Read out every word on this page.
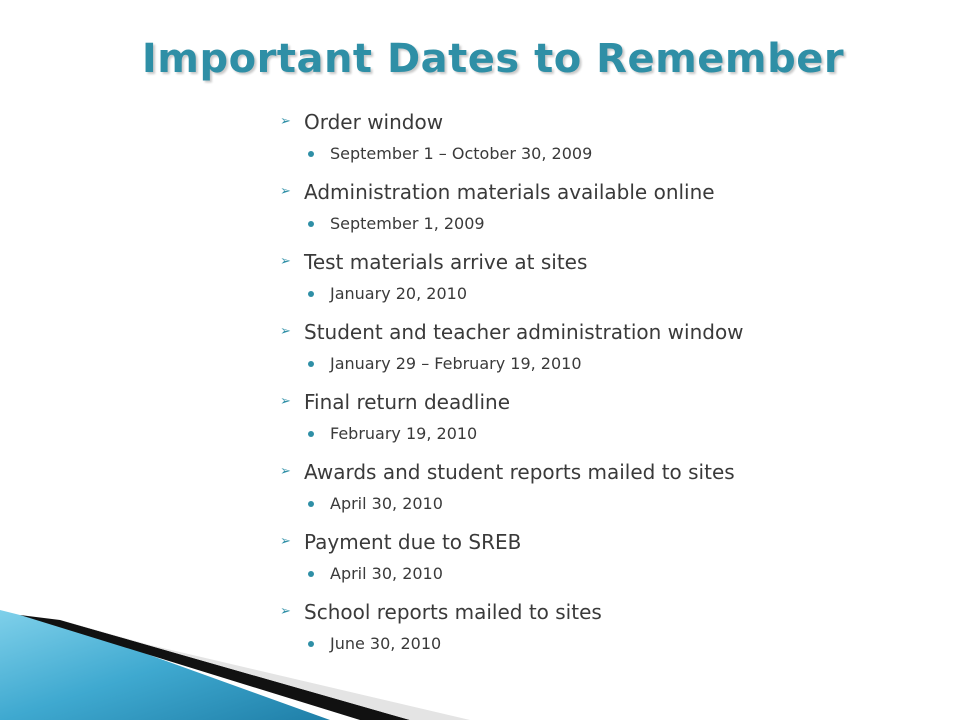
Important Dates to Remember
➢ Order window
September 1 – October 30, 2009
➢ Administration materials available online
September 1, 2009
➢ Test materials arrive at sites
January 20, 2010
➢ Student and teacher administration window
January 29 – February 19, 2010
➢ Final return deadline
February 19, 2010
➢ Awards and student reports mailed to sites
April 30, 2010
➢ Payment due to SREB
April 30, 2010
➢ School reports mailed to sites
June 30, 2010
